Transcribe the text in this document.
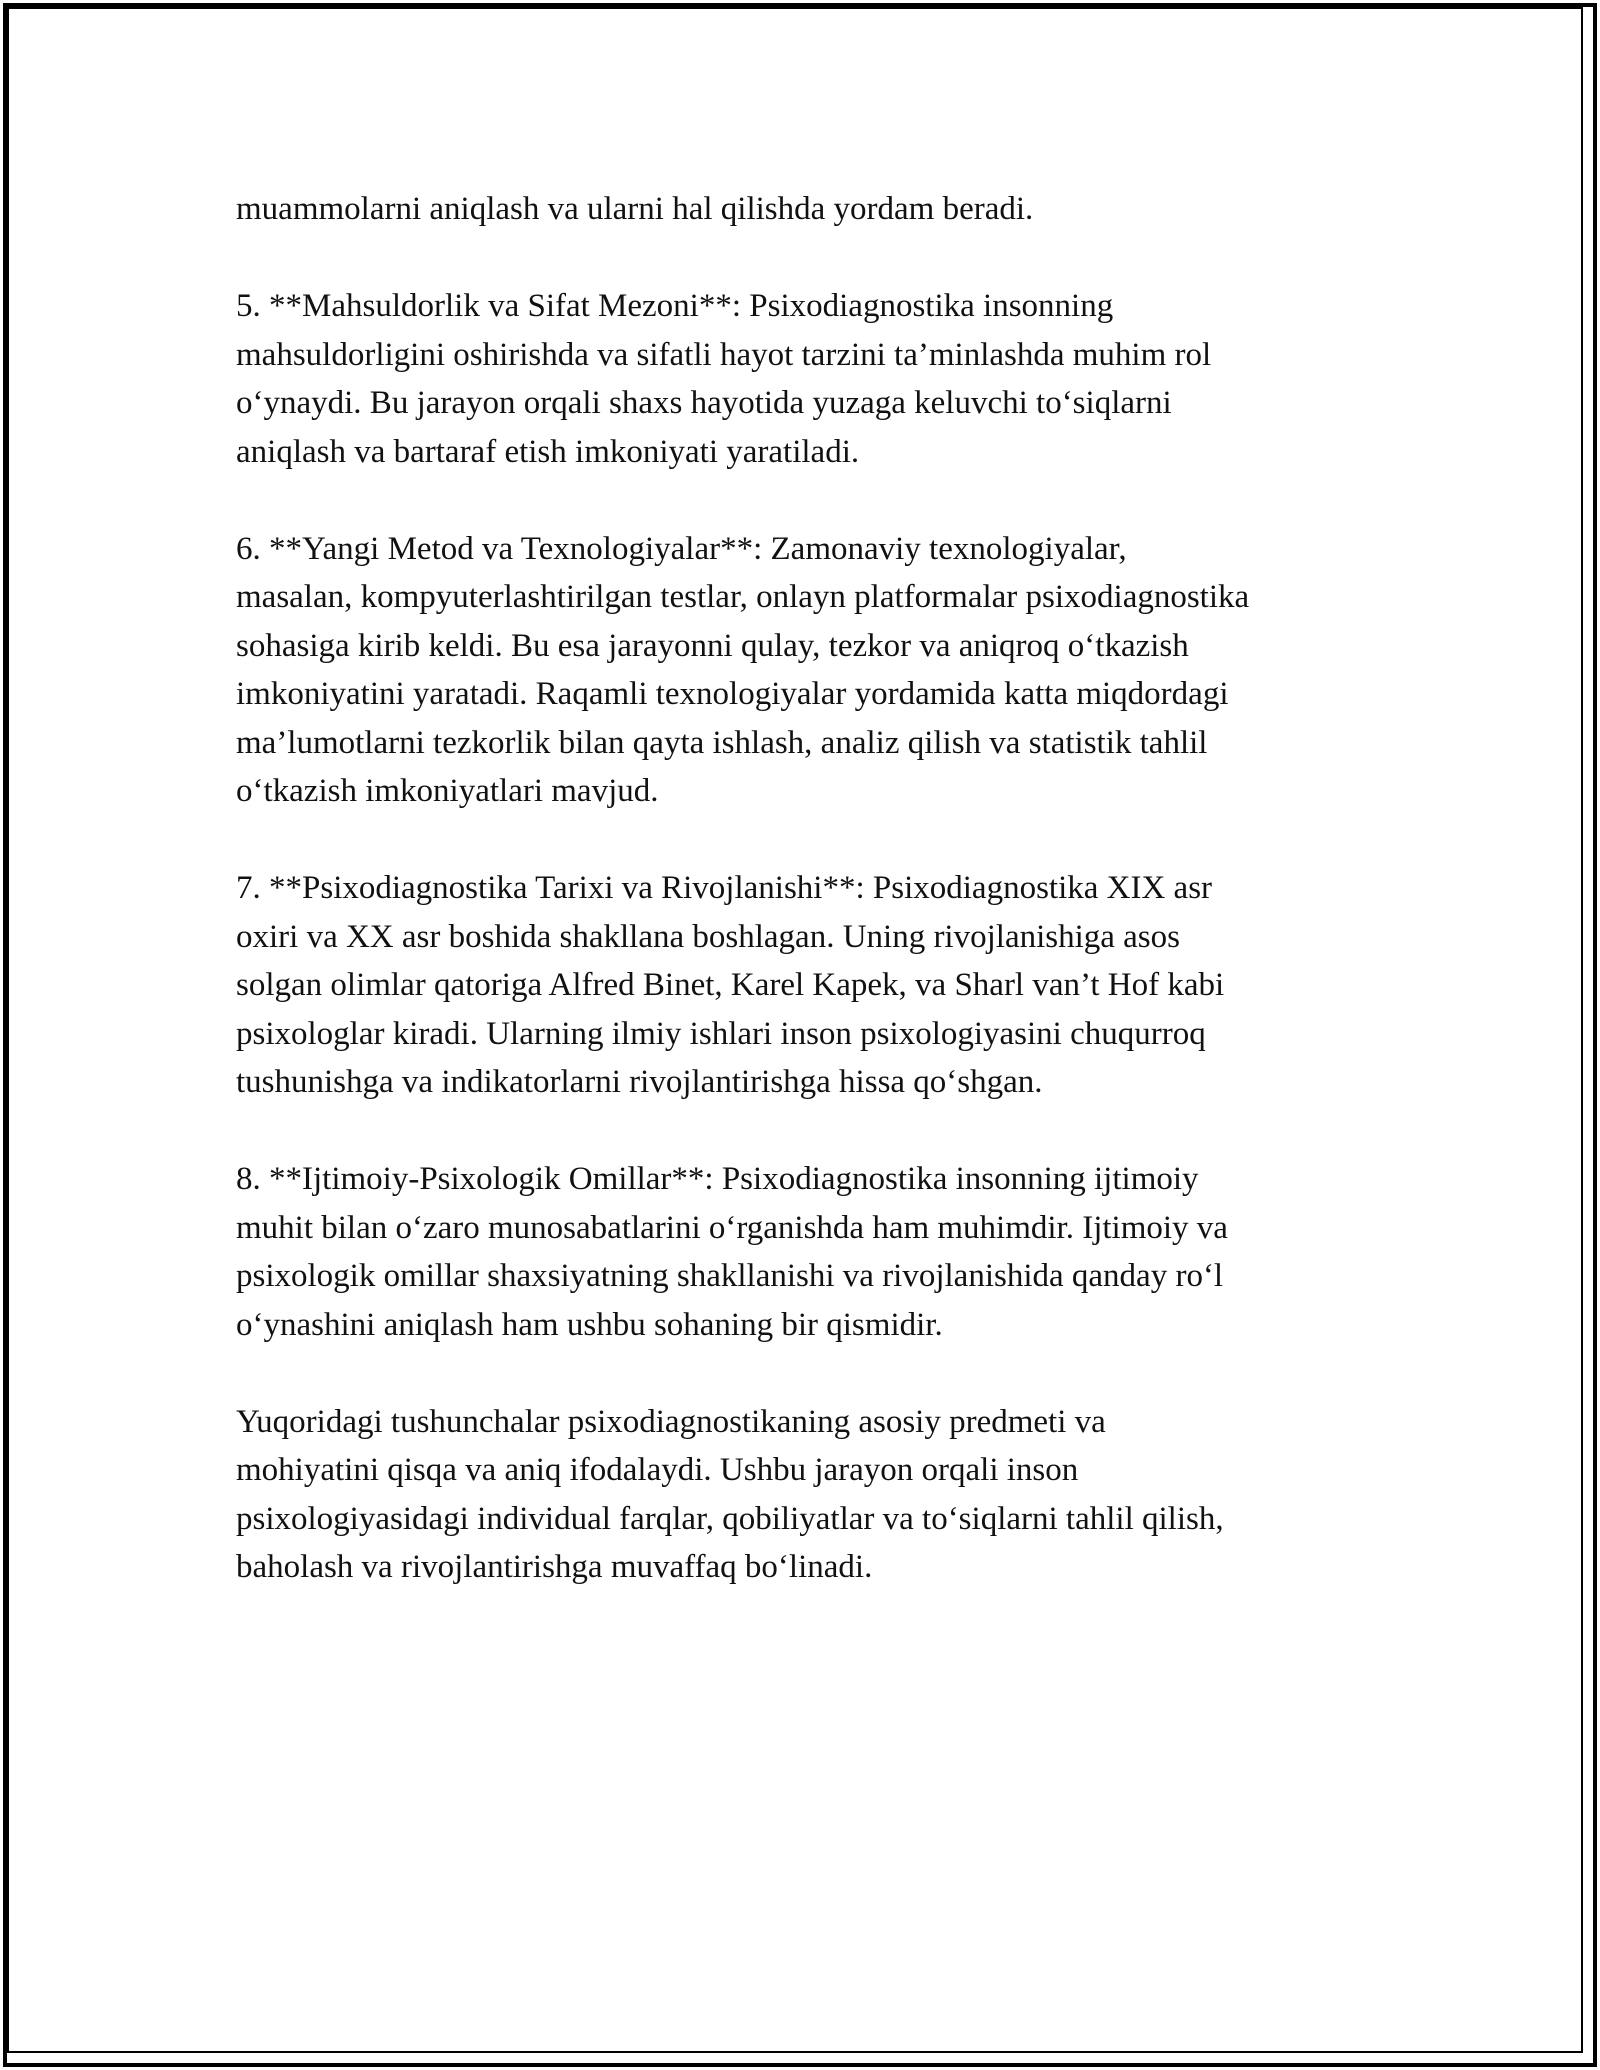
muammolarni aniqlash va ularni hal qilishda yordam beradi.
5. **Mahsuldorlik va Sifat Mezoni**: Psixodiagnostika insonning
mahsuldorligini oshirishda va sifatli hayot tarzini ta’minlashda muhim rol
o‘ynaydi. Bu jarayon orqali shaxs hayotida yuzaga keluvchi to‘siqlarni
aniqlash va bartaraf etish imkoniyati yaratiladi.
6. **Yangi Metod va Texnologiyalar**: Zamonaviy texnologiyalar,
masalan, kompyuterlashtirilgan testlar, onlayn platformalar psixodiagnostika
sohasiga kirib keldi. Bu esa jarayonni qulay, tezkor va aniqroq o‘tkazish
imkoniyatini yaratadi. Raqamli texnologiyalar yordamida katta miqdordagi
ma’lumotlarni tezkorlik bilan qayta ishlash, analiz qilish va statistik tahlil
o‘tkazish imkoniyatlari mavjud.
7. **Psixodiagnostika Tarixi va Rivojlanishi**: Psixodiagnostika XIX asr
oxiri va XX asr boshida shakllana boshlagan. Uning rivojlanishiga asos
solgan olimlar qatoriga Alfred Binet, Karel Kapek, va Sharl van’t Hof kabi
psixologlar kiradi. Ularning ilmiy ishlari inson psixologiyasini chuqurroq
tushunishga va indikatorlarni rivojlantirishga hissa qo‘shgan.
8. **Ijtimoiy-Psixologik Omillar**: Psixodiagnostika insonning ijtimoiy
muhit bilan o‘zaro munosabatlarini o‘rganishda ham muhimdir. Ijtimoiy va
psixologik omillar shaxsiyatning shakllanishi va rivojlanishida qanday ro‘l
o‘ynashini aniqlash ham ushbu sohaning bir qismidir.
Yuqoridagi tushunchalar psixodiagnostikaning asosiy predmeti va
mohiyatini qisqa va aniq ifodalaydi. Ushbu jarayon orqali inson
psixologiyasidagi individual farqlar, qobiliyatlar va to‘siqlarni tahlil qilish,
baholash va rivojlantirishga muvaffaq bo‘linadi.
